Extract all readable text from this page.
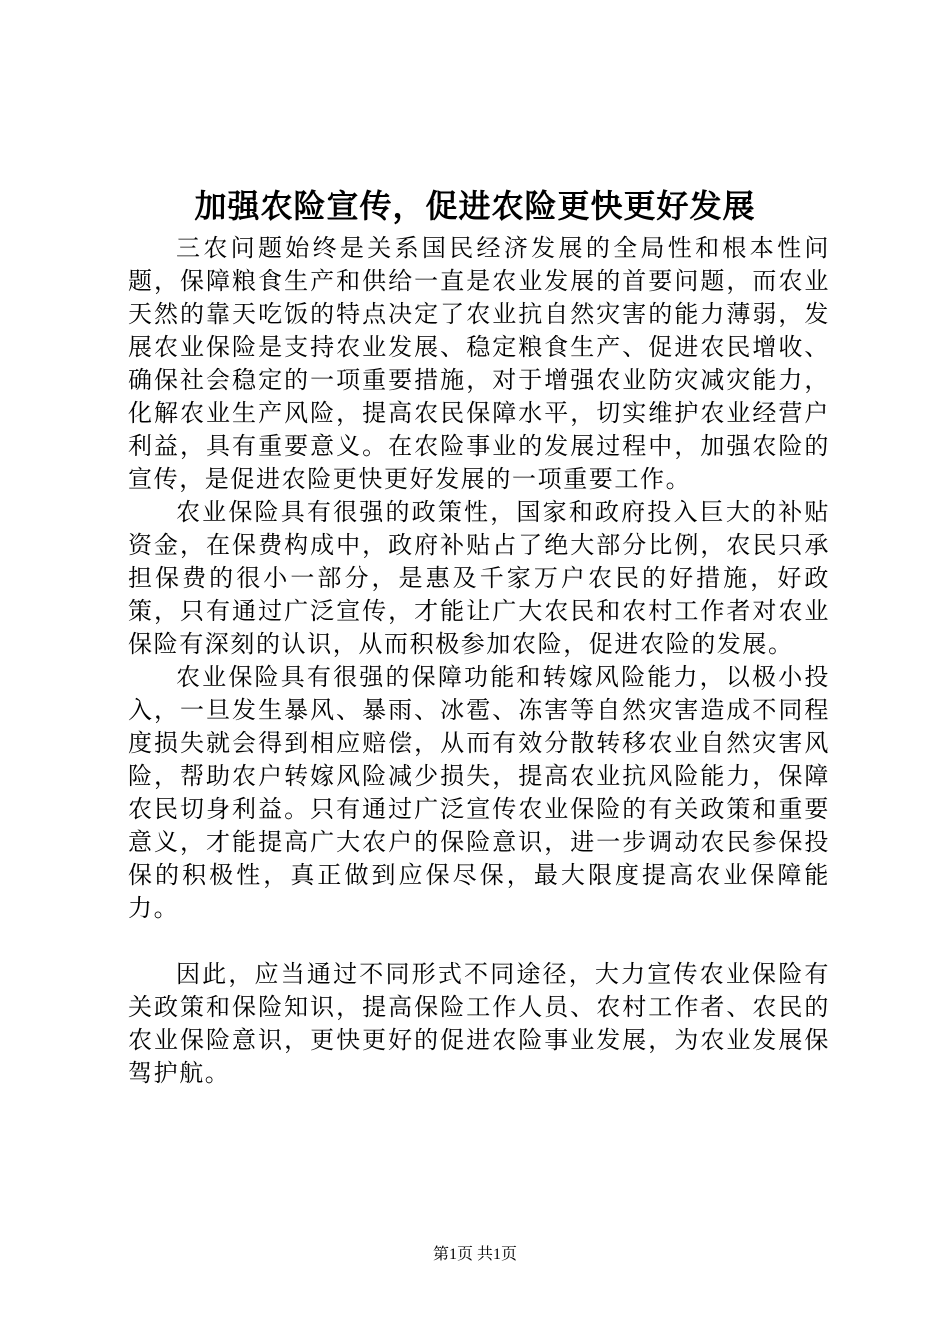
加强农险宣传，促进农险更快更好发展

三农问题始终是关系国民经济发展的全局性和根本性问题，保障粮食生产和供给一直是农业发展的首要问题，而农业天然的靠天吃饭的特点决定了农业抗自然灾害的能力薄弱，发展农业保险是支持农业发展、稳定粮食生产、促进农民增收、确保社会稳定的一项重要措施，对于增强农业防灾减灾能力，化解农业生产风险，提高农民保障水平，切实维护农业经营户利益，具有重要意义。在农险事业的发展过程中，加强农险的宣传，是促进农险更快更好发展的一项重要工作。

农业保险具有很强的政策性，国家和政府投入巨大的补贴资金，在保费构成中，政府补贴占了绝大部分比例，农民只承担保费的很小一部分，是惠及千家万户农民的好措施，好政策，只有通过广泛宣传，才能让广大农民和农村工作者对农业保险有深刻的认识，从而积极参加农险，促进农险的发展。

农业保险具有很强的保障功能和转嫁风险能力，以极小投入，一旦发生暴风、暴雨、冰雹、冻害等自然灾害造成不同程度损失就会得到相应赔偿，从而有效分散转移农业自然灾害风险，帮助农户转嫁风险减少损失，提高农业抗风险能力，保障农民切身利益。只有通过广泛宣传农业保险的有关政策和重要意义，才能提高广大农户的保险意识，进一步调动农民参保投保的积极性，真正做到应保尽保，最大限度提高农业保障能力。

因此，应当通过不同形式不同途径，大力宣传农业保险有关政策和保险知识，提高保险工作人员、农村工作者、农民的农业保险意识，更快更好的促进农险事业发展，为农业发展保驾护航。

第1页 共1页
